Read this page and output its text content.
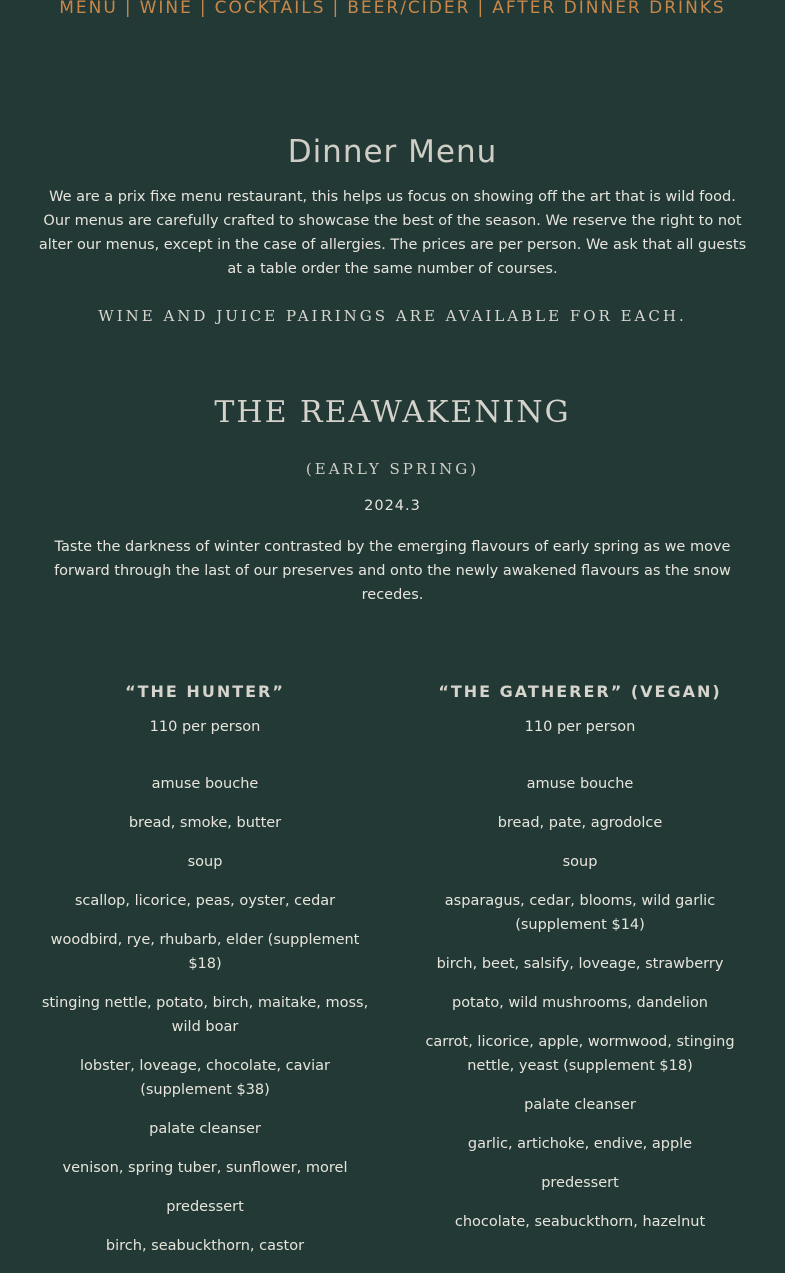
MENU | WINE | COCKTAILS | BEER/CIDER | AFTER DINNER DRINKS
Dinner Menu

We are a prix fixe menu restaurant, this helps us focus on showing off the art that is wild food. Our menus are carefully crafted to showcase the best of the season. We reserve the right to not alter our menus, except in the case of allergies. The prices are per person. We ask that all guests at a table order the same number of courses.

WINE AND JUICE PAIRINGS ARE AVAILABLE FOR EACH.
THE REAWAKENING
(EARLY SPRING)
2024.3

Taste the darkness of winter contrasted by the emerging flavours of early spring as we move forward through the last of our preserves and onto the newly awakened flavours as the snow recedes.

“THE HUNTER”
110 per person
amuse bouche
bread, smoke, butter
soup
scallop, licorice, peas, oyster, cedar
woodbird, rye, rhubarb, elder (supplement $18)
stinging nettle, potato, birch, maitake, moss, wild boar
lobster, loveage, chocolate, caviar (supplement $38)
palate cleanser
venison, spring tuber, sunflower, morel
predessert
birch, seabuckthorn, castor
“THE GATHERER” (VEGAN)
110 per person
amuse bouche
bread, pate, agrodolce
soup
asparagus, cedar, blooms, wild garlic (supplement $14)
birch, beet, salsify, loveage, strawberry
potato, wild mushrooms, dandelion
carrot, licorice, apple, wormwood, stinging nettle, yeast (supplement $18)
palate cleanser
garlic, artichoke, endive, apple
predessert
chocolate, seabuckthorn, hazelnut
